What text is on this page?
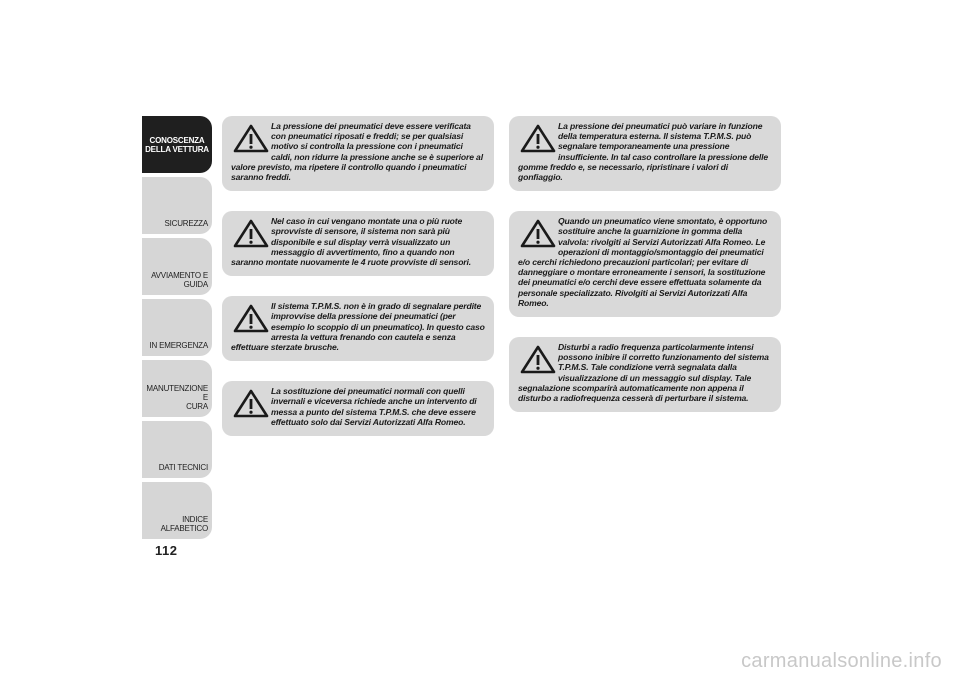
CONOSCENZA
DELLA VETTURA
SICUREZZA
AVVIAMENTO E
GUIDA
IN EMERGENZA
MANUTENZIONE E
CURA
DATI TECNICI
INDICE ALFABETICO
112

La pressione dei pneumatici deve essere verificata con pneumatici riposati e freddi; se per qualsiasi motivo si controlla la pressione con i pneumatici caldi, non ridurre la pressione anche se è superiore al valore previsto, ma ripetere il controllo quando i pneumatici saranno freddi.

Nel caso in cui vengano montate una o più ruote sprovviste di sensore, il sistema non sarà più disponibile e sul display verrà visualizzato un messaggio di avvertimento, fino a quando non saranno montate nuovamente le 4 ruote provviste di sensori.

Il sistema T.P.M.S. non è in grado di segnalare perdite improvvise della pressione dei pneumatici (per esempio lo scoppio di un pneumatico). In questo caso arresta la vettura frenando con cautela e senza effettuare sterzate brusche.

La sostituzione dei pneumatici normali con quelli invernali e viceversa richiede anche un intervento di messa a punto del sistema T.P.M.S. che deve essere effettuato solo dai Servizi Autorizzati Alfa Romeo.

La pressione dei pneumatici può variare in funzione della temperatura esterna. Il sistema T.P.M.S. può segnalare temporaneamente una pressione insufficiente. In tal caso controllare la pressione delle gomme freddo e, se necessario, ripristinare i valori di gonfiaggio.

Quando un pneumatico viene smontato, è opportuno sostituire anche la guarnizione in gomma della valvola: rivolgiti ai Servizi Autorizzati Alfa Romeo. Le operazioni di montaggio/smontaggio dei pneumatici e/o cerchi richiedono precauzioni particolari; per evitare di danneggiare o montare erroneamente i sensori, la sostituzione dei pneumatici e/o cerchi deve essere effettuata solamente da personale specializzato. Rivolgiti ai Servizi Autorizzati Alfa Romeo.

Disturbi a radio frequenza particolarmente intensi possono inibire il corretto funzionamento del sistema T.P.M.S. Tale condizione verrà segnalata dalla visualizzazione di un messaggio sul display. Tale segnalazione scomparirà automaticamente non appena il disturbo a radiofrequenza cesserà di perturbare il sistema.

carmanualsonline.info
